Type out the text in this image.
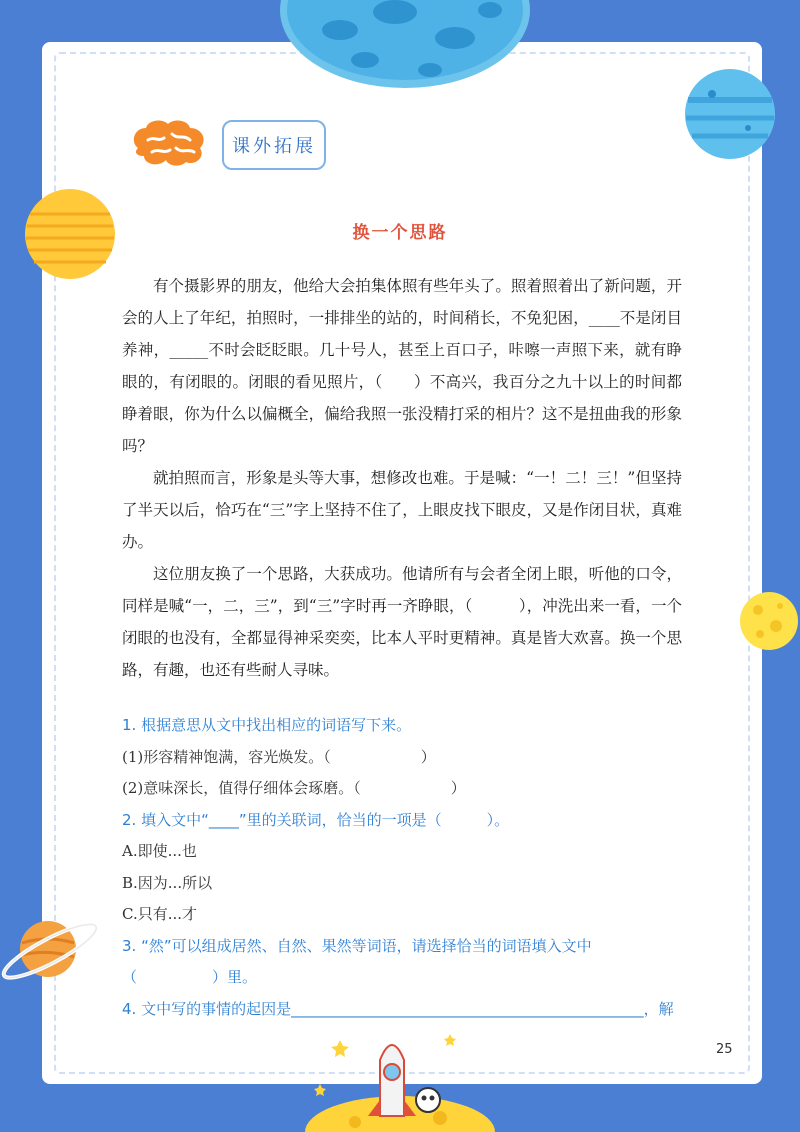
课外拓展
换一个思路

有个摄影界的朋友，他给大会拍集体照有些年头了。照着照着出了新问题，开会的人上了年纪，拍照时，一排排坐的站的，时间稍长，不免犯困，____不是闭目养神，_____不时会眨眨眼。几十号人，甚至上百口子，咔嚓一声照下来，就有睁眼的，有闭眼的。闭眼的看见照片，（　　）不高兴，我百分之九十以上的时间都睁着眼，你为什么以偏概全，偏给我照一张没精打采的相片？这不是扭曲我的形象吗？

就拍照而言，形象是头等大事，想修改也难。于是喊：“一！二！三！”但坚持了半天以后，恰巧在“三”字上坚持不住了，上眼皮找下眼皮，又是作闭目状，真难办。

这位朋友换了一个思路，大获成功。他请所有与会者全闭上眼，听他的口令，同样是喊“一，二，三”，到“三”字时再一齐睁眼，（　　　），冲洗出来一看，一个闭眼的也没有，全都显得神采奕奕，比本人平时更精神。真是皆大欢喜。换一个思路，有趣，也还有些耐人寻味。

1. 根据意思从文中找出相应的词语写下来。
(1)形容精神饱满，容光焕发。（　　　　　　）
(2)意味深长，值得仔细体会琢磨。（　　　　　　）
2. 填入文中“____”里的关联词，恰当的一项是（　　　）。
A.即使...也
B.因为...所以
C.只有...才
3. “然”可以组成居然、自然、果然等词语，请选择恰当的词语填入文中
（　　　　　）里。
4. 文中写的事情的起因是_______________________________________________，解
25
